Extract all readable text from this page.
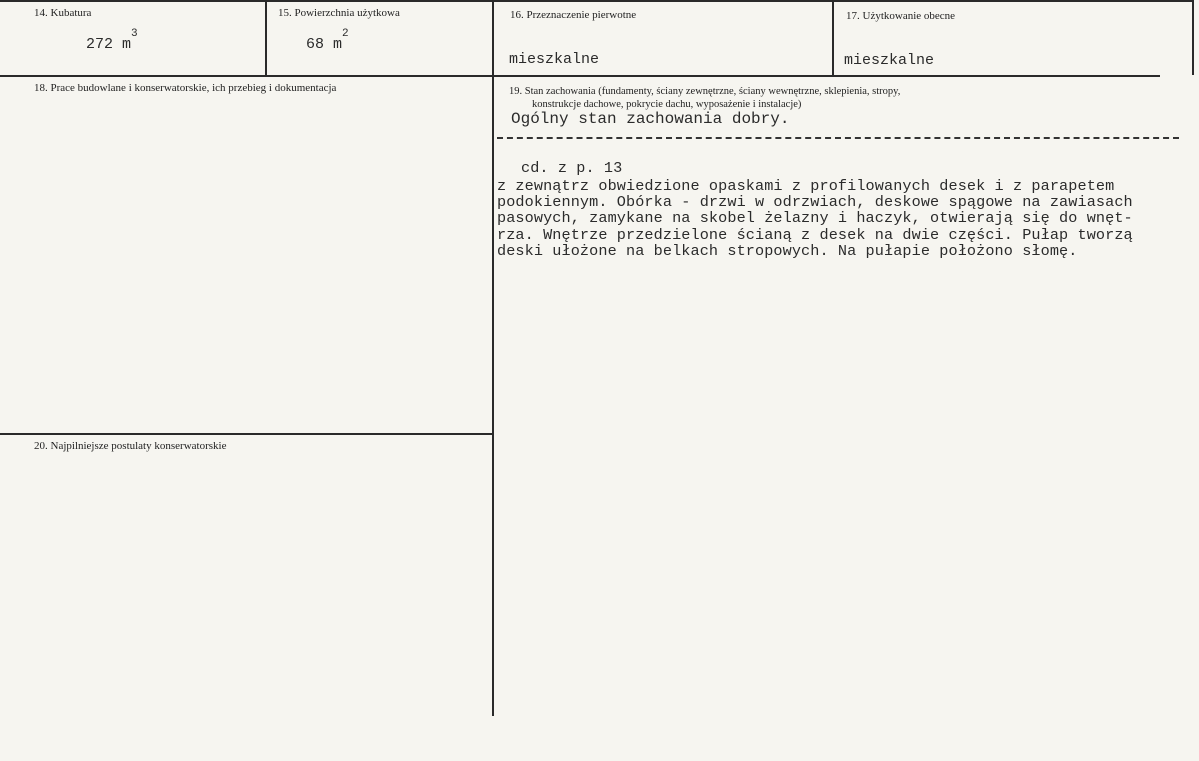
14. Kubatura
272 $m^3$
15. Powierzchnia użytkowa
68 $m^2$
16. Przeznaczenie pierwotne
mieszkalne
17. Użytkowanie obecne
mieszkalne
18. Prace budowlane i konserwatorskie, ich przebieg i dokumentacja	19. Stan zachowania (fundamenty, ściany zewnętrzne, ściany wewnętrzne, sklepienia, stropy,
konstrukcje dachowe, pokrycie dachu, wyposażenie i instalacje)
Ogólny stan zachowania dobry.
cd. z p. 13
z zewnątrz obwiedzione opaskami z profilowanych desek i z parapetem
podokiennym. Obórka - drzwi w odrzwiach, deskowe spągowe na zawiasach
pasowych, zamykane na skobel żelazny i haczyk, otwierają się do wnęt-
rza. Wnętrze przedzielone ścianą z desek na dwie części. Pułap tworzą
deski ułożone na belkach stropowych. Na pułapie położono słomę.
20. Najpilniejsze postulaty konserwatorskie
